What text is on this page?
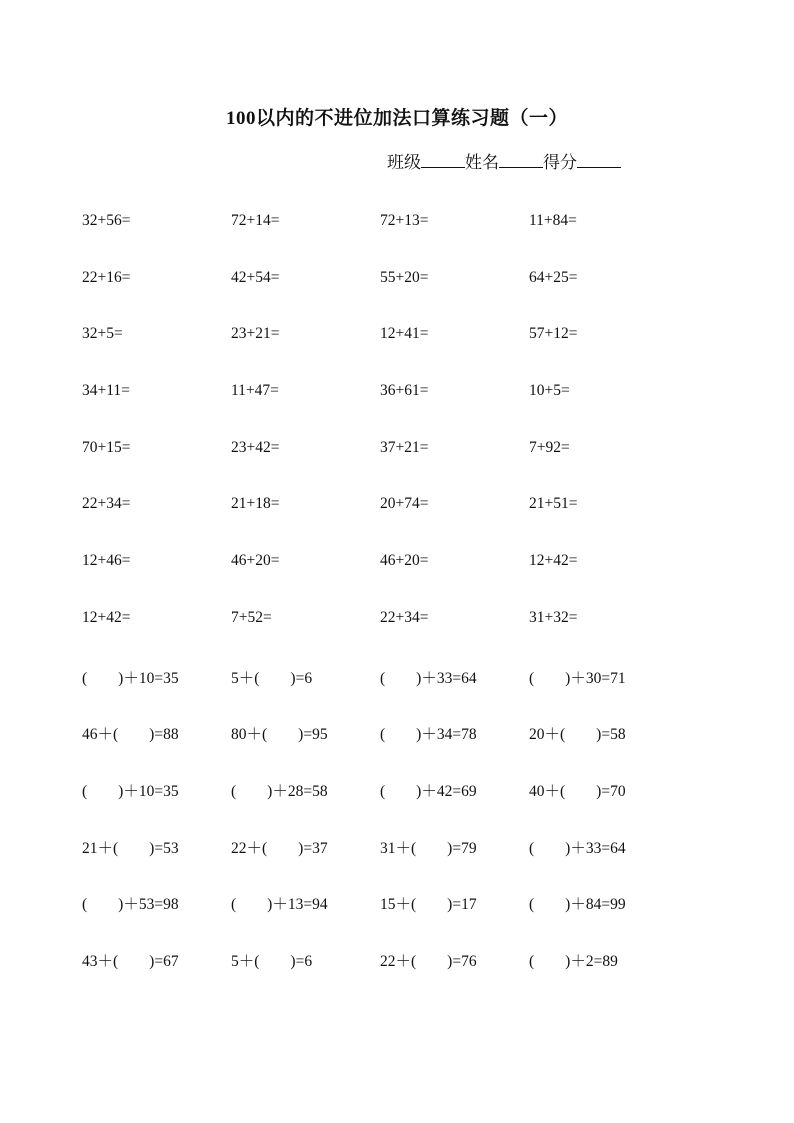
100以内的不进位加法口算练习题（一）
班级	姓名	得分
32+56=	72+14=	72+13=	11+84=
22+16=	42+54=	55+20=	64+25=
32+5=	23+21=	12+41=	57+12=
34+11=	11+47=	36+61=	10+5=
70+15=	23+42=	37+21=	7+92=
22+34=	21+18=	20+74=	21+51=
12+46=	46+20=	46+20=	12+42=
12+42=	7+52=	22+34=	31+32=
(        )＋10=35	5＋(        )=6	(        )＋33=64	(        )＋30=71
46＋(        )=88	80＋(        )=95	(        )＋34=78	20＋(        )=58
(        )＋10=35	(        )＋28=58	(        )＋42=69	40＋(        )=70
21＋(        )=53	22＋(        )=37	31＋(        )=79	(        )＋33=64
(        )＋53=98	(        )＋13=94	15＋(        )=17	(        )＋84=99
43＋(        )=67	5＋(        )=6	22＋(        )=76	(        )＋2=89
